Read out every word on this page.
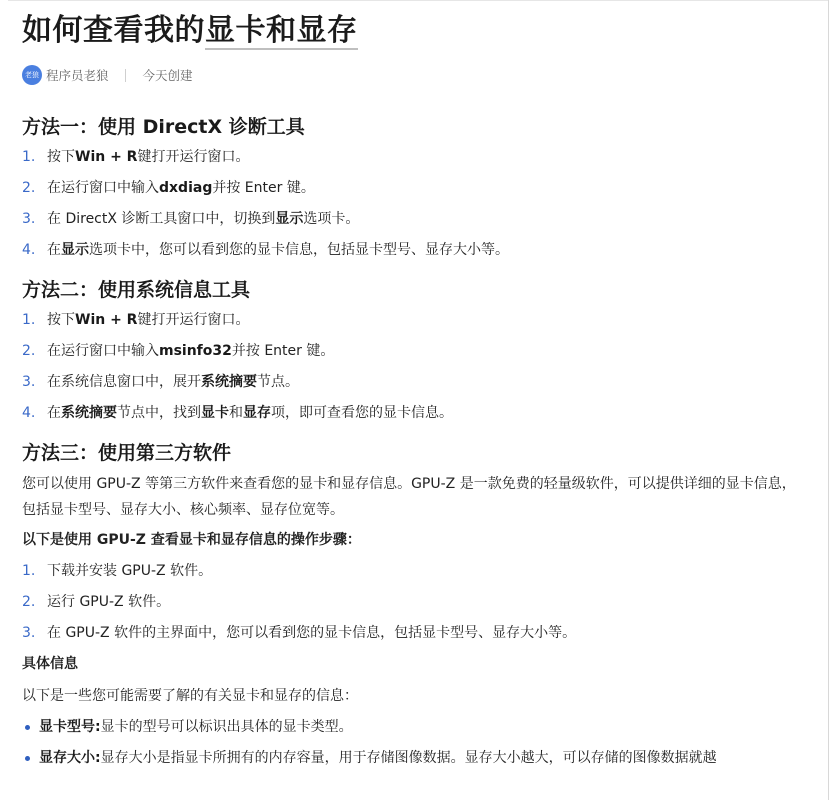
如何查看我的显卡和显存
老狼 程序员老狼	今天创建
方法一：使用 DirectX 诊断工具
1. 按下 Win + R 键打开运行窗口。
2. 在运行窗口中输入 dxdiag 并按 Enter 键。
3. 在 DirectX 诊断工具窗口中，切换到 显示 选项卡。
4. 在 显示 选项卡中，您可以看到您的显卡信息，包括显卡型号、显存大小等。
方法二：使用系统信息工具
1. 按下 Win + R 键打开运行窗口。
2. 在运行窗口中输入 msinfo32 并按 Enter 键。
3. 在系统信息窗口中，展开 系统摘要 节点。
4. 在 系统摘要 节点中，找到 显卡 和 显存 项，即可查看您的显卡信息。
方法三：使用第三方软件

您可以使用 GPU-Z 等第三方软件来查看您的显卡和显存信息。GPU-Z 是一款免费的轻量级软件，可以提供详细的显卡信息，包括显卡型号、显存大小、核心频率、显存位宽等。

以下是使用 GPU-Z 查看显卡和显存信息的操作步骤：

1. 下载并安装 GPU-Z 软件。
2. 运行 GPU-Z 软件。
3. 在 GPU-Z 软件的主界面中，您可以看到您的显卡信息，包括显卡型号、显存大小等。

具体信息

以下是一些您可能需要了解的有关显卡和显存的信息：

显卡型号: 显卡的型号可以标识出具体的显卡类型。
显存大小: 显存大小是指显卡所拥有的内存容量，用于存储图像数据。显存大小越大，可以存储的图像数据就越
